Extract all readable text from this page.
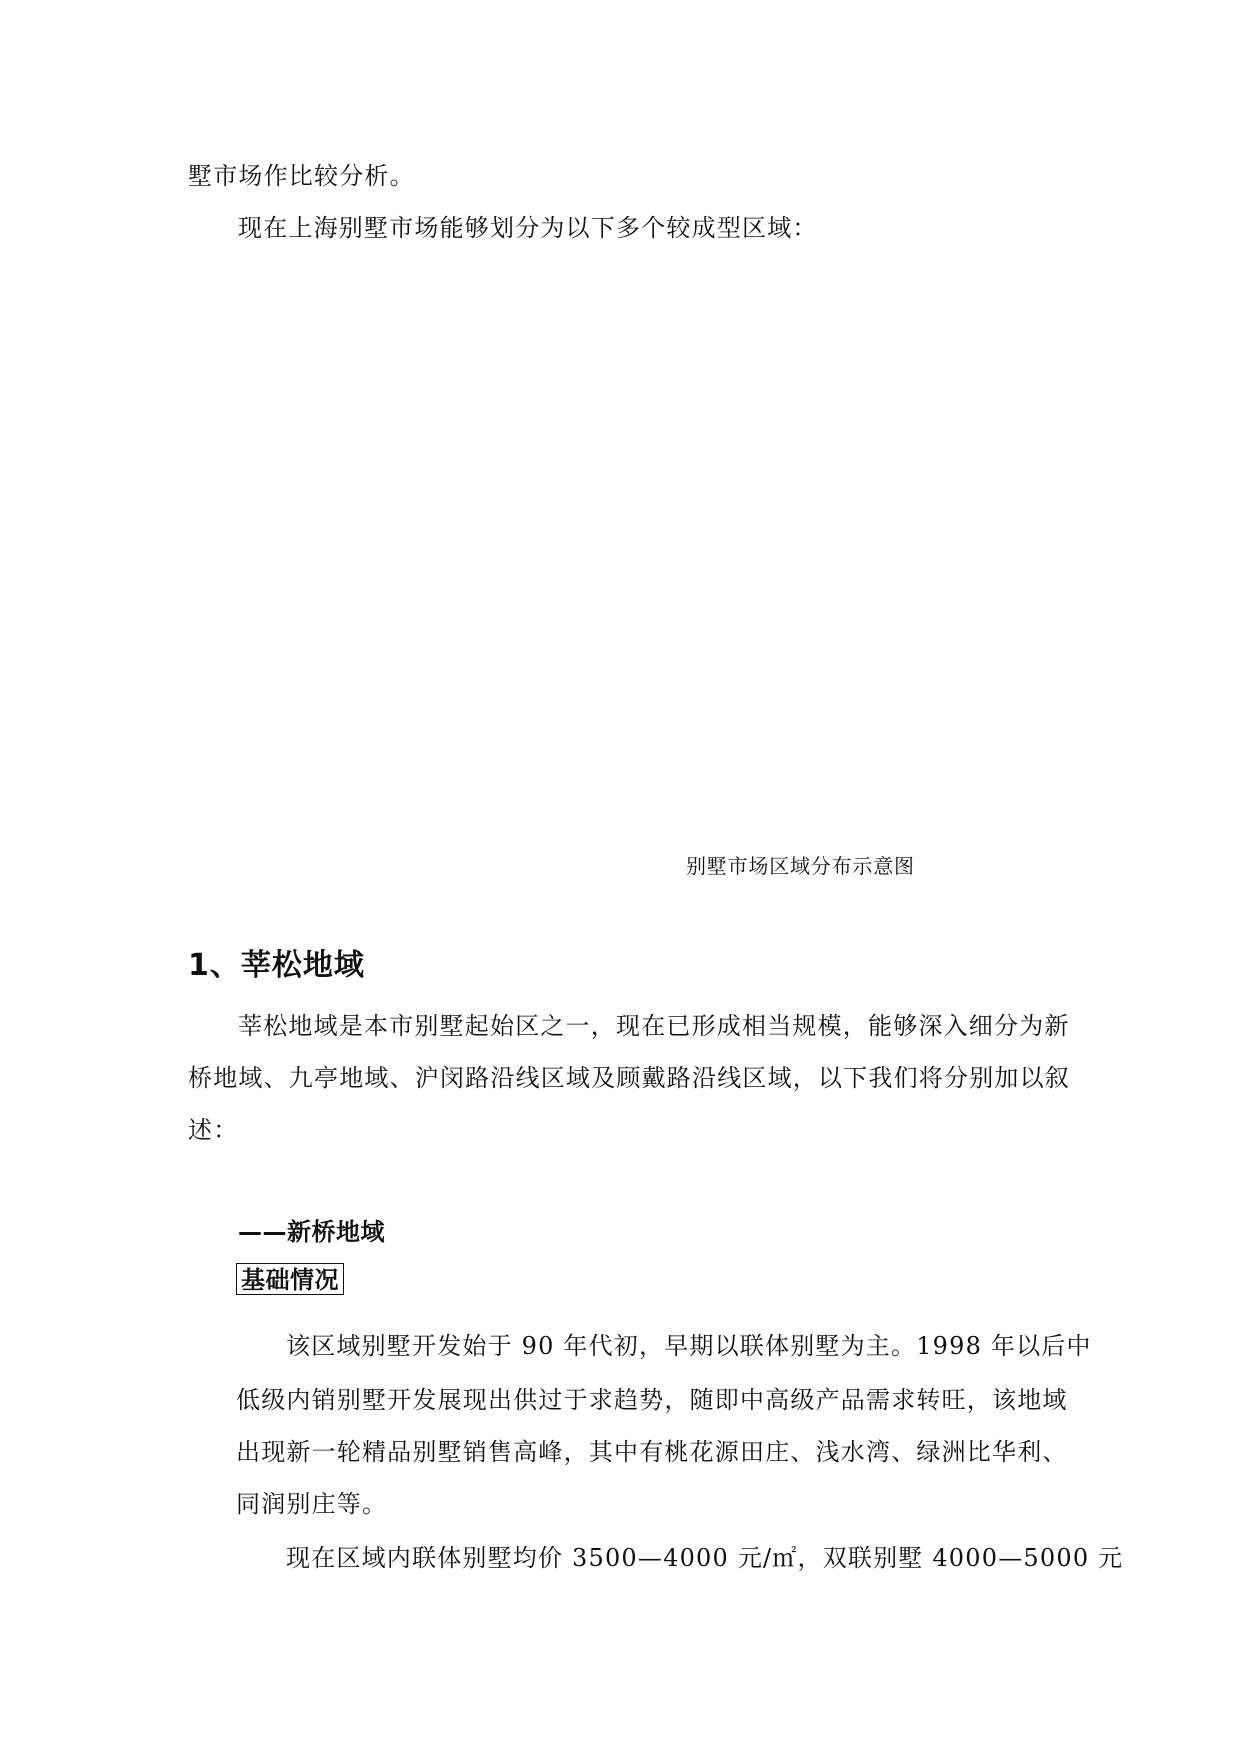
墅市场作比较分析。
现在上海别墅市场能够划分为以下多个较成型区域：
别墅市场区域分布示意图
1、莘松地域
莘松地域是本市别墅起始区之一，现在已形成相当规模，能够深入细分为新
桥地域、九亭地域、沪闵路沿线区域及顾戴路沿线区域，以下我们将分别加以叙
述：
——新桥地域
基础情况
该区域别墅开发始于 90 年代初，早期以联体别墅为主。1998 年以后中
低级内销别墅开发展现出供过于求趋势，随即中高级产品需求转旺，该地域
出现新一轮精品别墅销售高峰，其中有桃花源田庄、浅水湾、绿洲比华利、
同润别庄等。
现在区域内联体别墅均价 3500—4000 元/㎡，双联别墅 4000—5000 元
